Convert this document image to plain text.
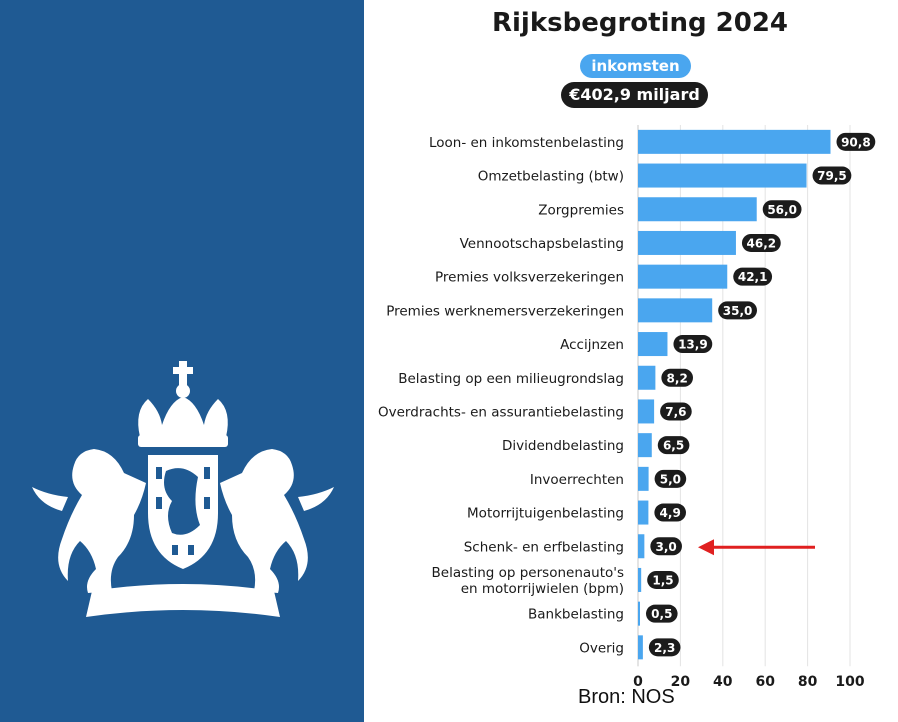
Rijksbegroting 2024
inkomsten
€402,9 miljard
0 20 40 60 80 100
Loon- en inkomstenbelasting	90,8
Omzetbelasting (btw)	79,5
Zorgpremies	56,0
Vennootschapsbelasting	46,2
Premies volksverzekeringen	42,1
Premies werknemersverzekeringen	35,0
Accijnzen	13,9
Belasting op een milieugrondslag	8,2
Overdrachts- en assurantiebelasting	7,6
Dividendbelasting	6,5
Invoerrechten	5,0
Motorrijtuigenbelasting	4,9
Schenk- en erfbelasting	3,0
Belasting op personenauto's
en motorrijwielen (bpm)
1,5
Bankbelasting 0,5
Overig	2,3
Bron: NOS
